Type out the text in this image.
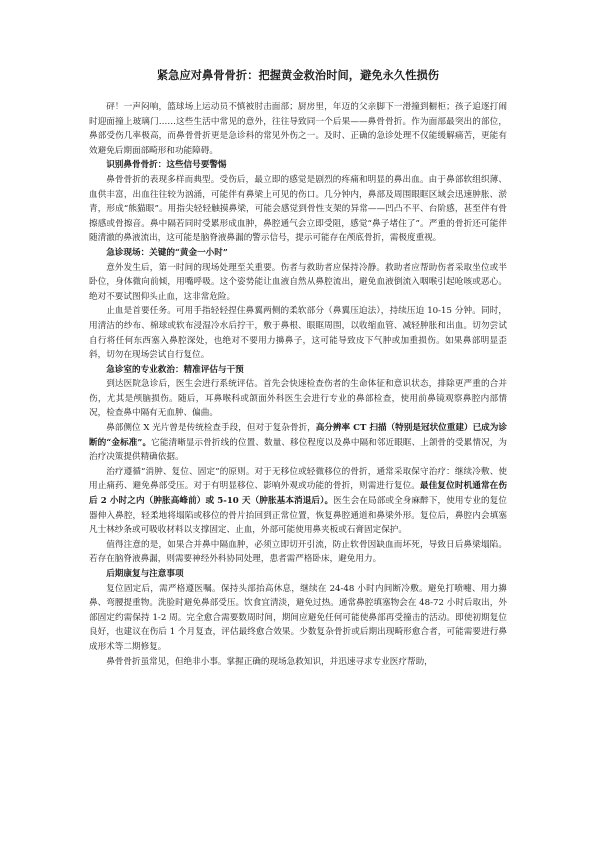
紧急应对鼻骨骨折：把握黄金救治时间，避免永久性损伤

砰！一声闷响，篮球场上运动员不慎被肘击面部；厨房里，年迈的父亲脚下一滑撞到橱柜；孩子追逐打闹时迎面撞上玻璃门……这些生活中常见的意外，往往导致同一个后果——鼻骨骨折。作为面部最突出的部位，鼻部受伤几率极高，而鼻骨骨折更是急诊科的常见外伤之一。及时、正确的急诊处理不仅能缓解痛苦，更能有效避免后期面部畸形和功能障碍。

识别鼻骨骨折：这些信号要警惕

鼻骨骨折的表现多样而典型。受伤后，最立即的感觉是剧烈的疼痛和明显的鼻出血。由于鼻部软组织薄、血供丰富，出血往往较为汹涌，可能伴有鼻梁上可见的伤口。几分钟内，鼻部及周围眼眶区域会迅速肿胀、淤青，形成“熊猫眼”。用指尖轻轻触摸鼻梁，可能会感觉到骨性支架的异常——凹凸不平、台阶感，甚至伴有骨擦感或骨擦音。鼻中隔若同时受累形成血肿，鼻腔通气会立即受阻，感觉“鼻子堵住了”。严重的骨折还可能伴随清澈的鼻液流出，这可能是脑脊液鼻漏的警示信号，提示可能存在颅底骨折，需极度重视。

急诊现场：关键的“黄金一小时”

意外发生后，第一时间的现场处理至关重要。伤者与救助者应保持冷静。救助者应帮助伤者采取坐位或半卧位，身体微向前倾，用嘴呼吸。这个姿势能让血液自然从鼻腔流出，避免血液倒流入咽喉引起呛咳或恶心。绝对不要试图仰头止血，这非常危险。

止血是首要任务。可用手指轻轻捏住鼻翼两侧的柔软部分（鼻翼压迫法），持续压迫 10-15 分钟。同时，用清洁的纱布、棉球或软布浸湿冷水后拧干，敷于鼻根、眼眶周围，以收缩血管、减轻肿胀和出血。切勿尝试自行将任何东西塞入鼻腔深处，也绝对不要用力擤鼻子，这可能导致皮下气肿或加重损伤。如果鼻部明显歪斜，切勿在现场尝试自行复位。

急诊室的专业救治：精准评估与干预

到达医院急诊后，医生会进行系统评估。首先会快速检查伤者的生命体征和意识状态，排除更严重的合并伤，尤其是颅脑损伤。随后，耳鼻喉科或颌面外科医生会进行专业的鼻部检查，使用前鼻镜观察鼻腔内部情况，检查鼻中隔有无血肿、偏曲。

鼻部侧位 X 光片曾是传统检查手段，但对于复杂骨折，高分辨率 CT 扫描（特别是冠状位重建）已成为诊断的“金标准”。它能清晰显示骨折线的位置、数量、移位程度以及鼻中隔和邻近眼眶、上颌骨的受累情况，为治疗决策提供精确依据。

治疗遵循“消肿、复位、固定”的原则。对于无移位或轻微移位的骨折，通常采取保守治疗：继续冷敷、使用止痛药、避免鼻部受压。对于有明显移位、影响外观或功能的骨折，则需进行复位。最佳复位时机通常在伤后 2 小时之内（肿胀高峰前）或 5-10 天（肿胀基本消退后）。医生会在局部或全身麻醉下，使用专业的复位器伸入鼻腔，轻柔地将塌陷或移位的骨片抬回到正常位置，恢复鼻腔通道和鼻梁外形。复位后，鼻腔内会填塞凡士林纱条或可吸收材料以支撑固定、止血，外部可能使用鼻夹板或石膏固定保护。

值得注意的是，如果合并鼻中隔血肿，必须立即切开引流，防止软骨因缺血而坏死，导致日后鼻梁塌陷。若存在脑脊液鼻漏，则需要神经外科协同处理，患者需严格卧床，避免用力。

后期康复与注意事项

复位固定后，需严格遵医嘱。保持头部抬高休息，继续在 24-48 小时内间断冷敷。避免打喷嚏、用力擤鼻、弯腰提重物。洗脸时避免鼻部受压。饮食宜清淡，避免过热。通常鼻腔填塞物会在 48-72 小时后取出，外部固定约需保持 1-2 周。完全愈合需要数周时间，期间应避免任何可能使鼻部再受撞击的活动。即使初期复位良好，也建议在伤后 1 个月复查，评估最终愈合效果。少数复杂骨折或后期出现畸形愈合者，可能需要进行鼻成形术等二期修复。

鼻骨骨折虽常见，但绝非小事。掌握正确的现场急救知识，并迅速寻求专业医疗帮助，
